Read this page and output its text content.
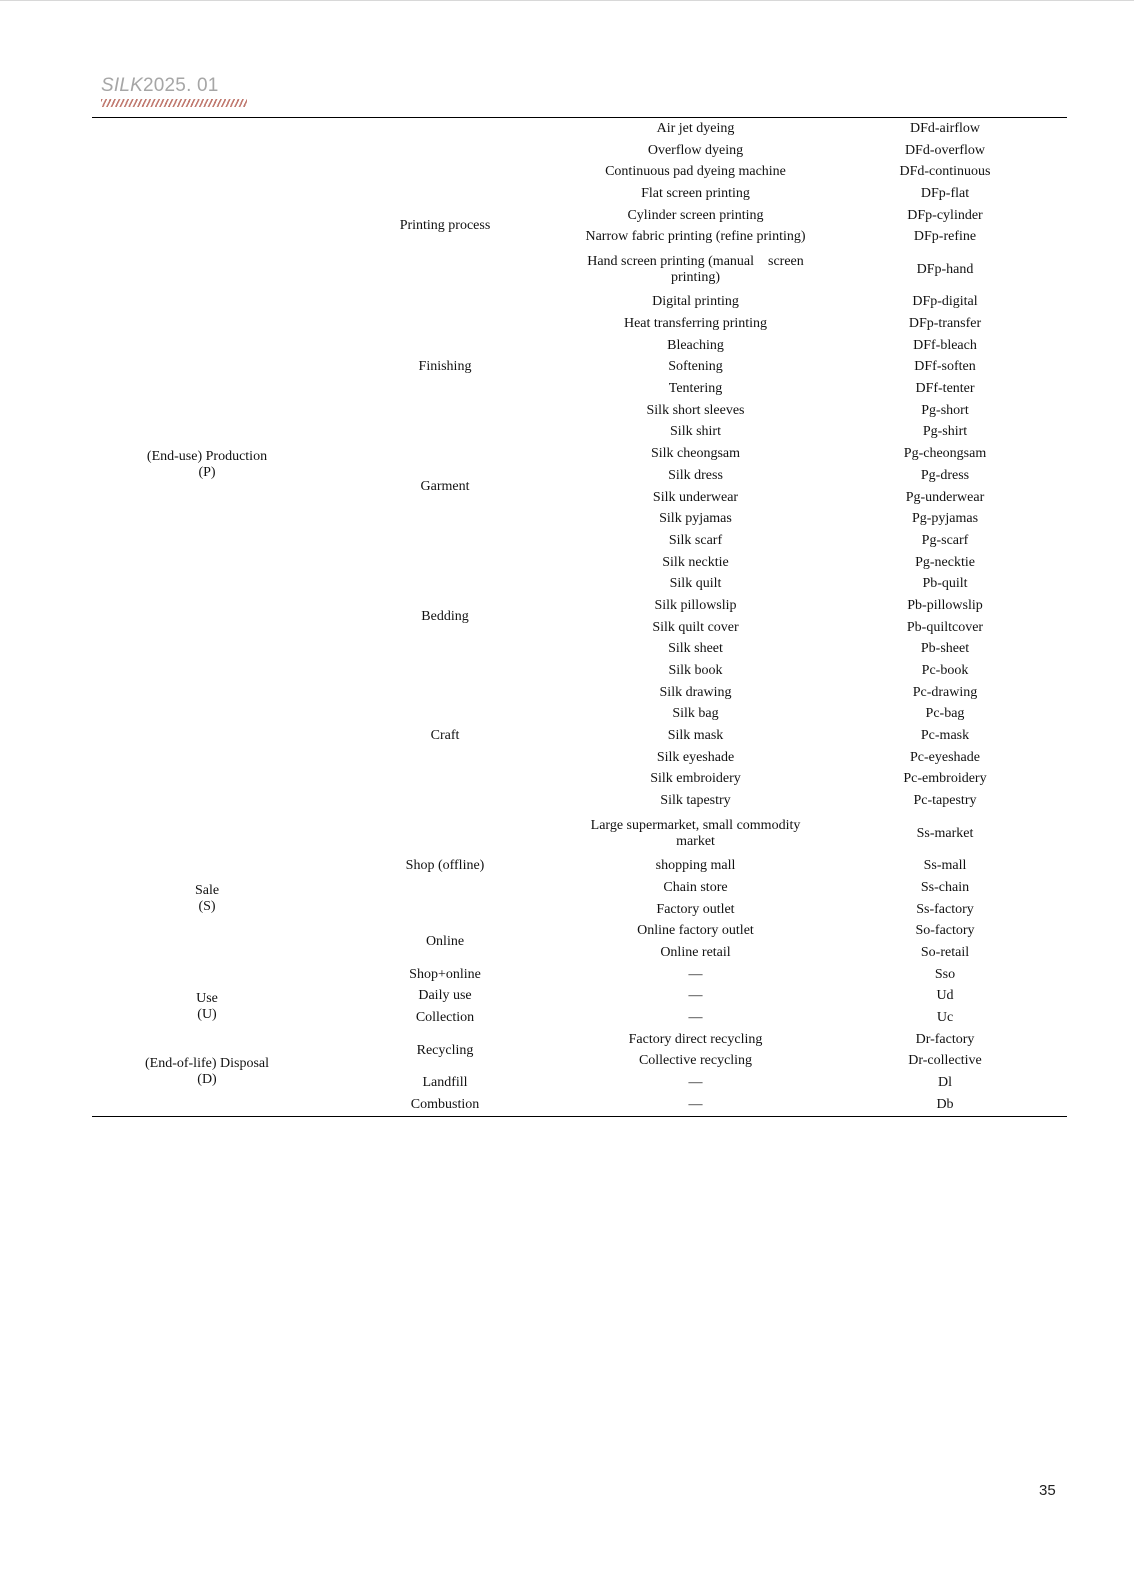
SILK2025. 01
(End-use) Production
(P)	Printing process	Air jet dyeing	DFd-airflow
		Overflow dyeing	DFd-overflow
		Continuous pad dyeing machine	DFd-continuous
		Flat screen printing	DFp-flat
		Cylinder screen printing	DFp-cylinder
		Narrow fabric printing (refine printing)	DFp-refine
		Hand screen printing (manual    screen printing)	DFp-hand
		Digital printing	DFp-digital
		Heat transferring printing	DFp-transfer
	Finishing	Bleaching	DFf-bleach
		Softening	DFf-soften
		Tentering	DFf-tenter
	Garment	Silk short sleeves	Pg-short
		Silk shirt	Pg-shirt
		Silk cheongsam	Pg-cheongsam
		Silk dress	Pg-dress
		Silk underwear	Pg-underwear
		Silk pyjamas	Pg-pyjamas
		Silk scarf	Pg-scarf
		Silk necktie	Pg-necktie
	Bedding	Silk quilt	Pb-quilt
		Silk pillowslip	Pb-pillowslip
		Silk quilt cover	Pb-quiltcover
		Silk sheet	Pb-sheet
	Craft	Silk book	Pc-book
		Silk drawing	Pc-drawing
		Silk bag	Pc-bag
		Silk mask	Pc-mask
		Silk eyeshade	Pc-eyeshade
		Silk embroidery	Pc-embroidery
		Silk tapestry	Pc-tapestry
Sale
(S)	Shop (offline)	Large supermarket, small commodity market	Ss-market
		shopping mall	Ss-mall
		Chain store	Ss-chain
		Factory outlet	Ss-factory
	Online	Online factory outlet	So-factory
		Online retail	So-retail
	Shop+online	—	Sso
Use
(U)	Daily use	—	Ud
	Collection	—	Uc
(End-of-life) Disposal
(D)	Recycling	Factory direct recycling	Dr-factory
		Collective recycling	Dr-collective
	Landfill	—	Dl
	Combustion	—	Db
35
